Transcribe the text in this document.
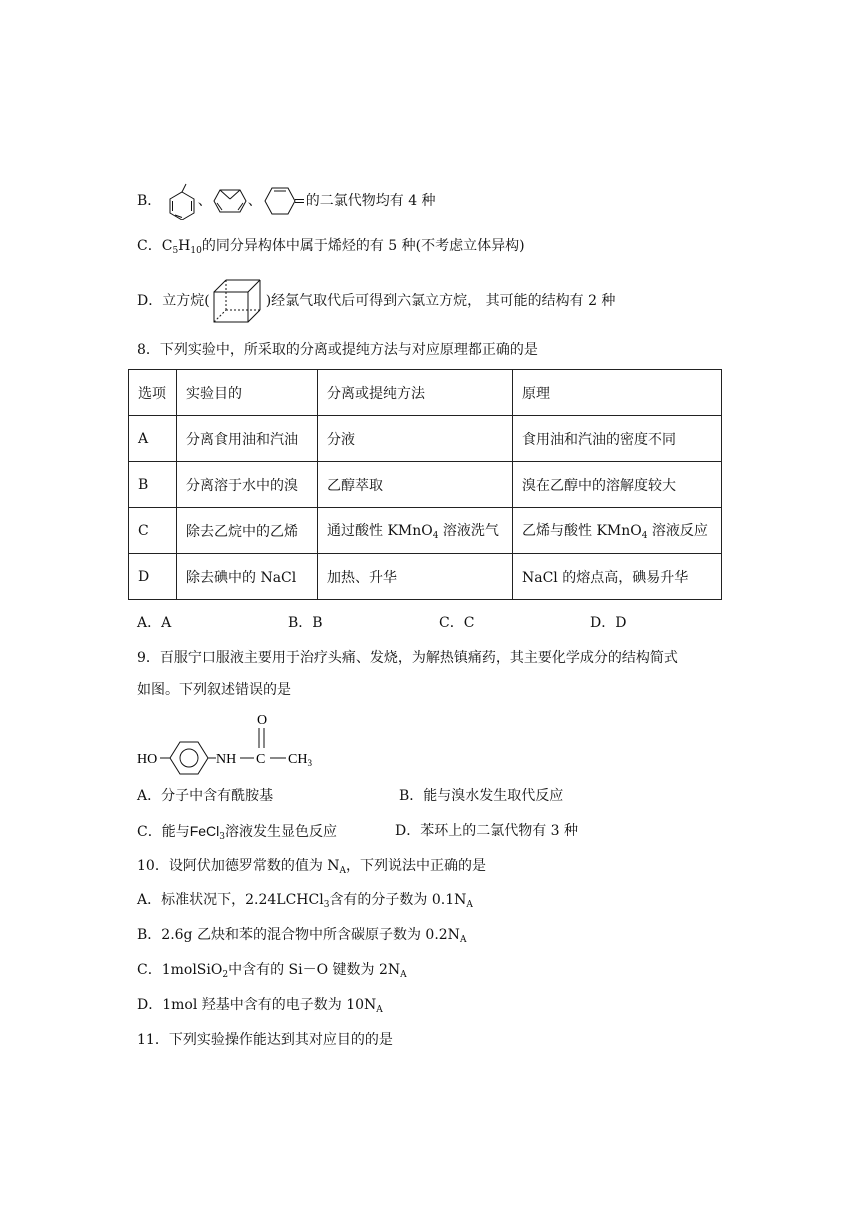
B．	、	、	的二氯代物均有 4 种
C．$C_5H_{10}$的同分异构体中属于烯烃的有 5 种(不考虑立体异构)
D．立方烷(	)经氯气取代后可得到六氯立方烷， 其可能的结构有 2 种
8．下列实验中，所采取的分离或提纯方法与对应原理都正确的是
选项	实验目的	分离或提纯方法	原理
A	分离食用油和汽油	分液	食用油和汽油的密度不同
B	分离溶于水中的溴	乙醇萃取	溴在乙醇中的溶解度较大
C	除去乙烷中的乙烯	通过酸性 KMnO$_4$ 溶液洗气	乙烯与酸性 KMnO$_4$ 溶液反应
D	除去碘中的 NaCl	加热、升华	NaCl 的熔点高，碘易升华
A．A	B．B	C．C	D．D
9．百服宁口服液主要用于治疗头痛、发烧，为解热镇痛药，其主要化学成分的结构简式
如图。下列叙述错误的是
HO	NH C
O
$CH_3$
A．分子中含有酰胺基	B．能与溴水发生取代反应
C．能与FeCl$_3$溶液发生显色反应	D．苯环上的二氯代物有 3 种
10．设阿伏加德罗常数的值为 $N_A$，下列说法中正确的是
A．标准状况下，2.24LCHCl$_3$含有的分子数为 $0.1N_A$
B．2.6g 乙炔和苯的混合物中所含碳原子数为 $0.2N_A$
C．1molSiO$_2$中含有的 Si－O 键数为 $2N_A$
D．1mol 羟基中含有的电子数为 $10N_A$
11．下列实验操作能达到其对应目的的是
